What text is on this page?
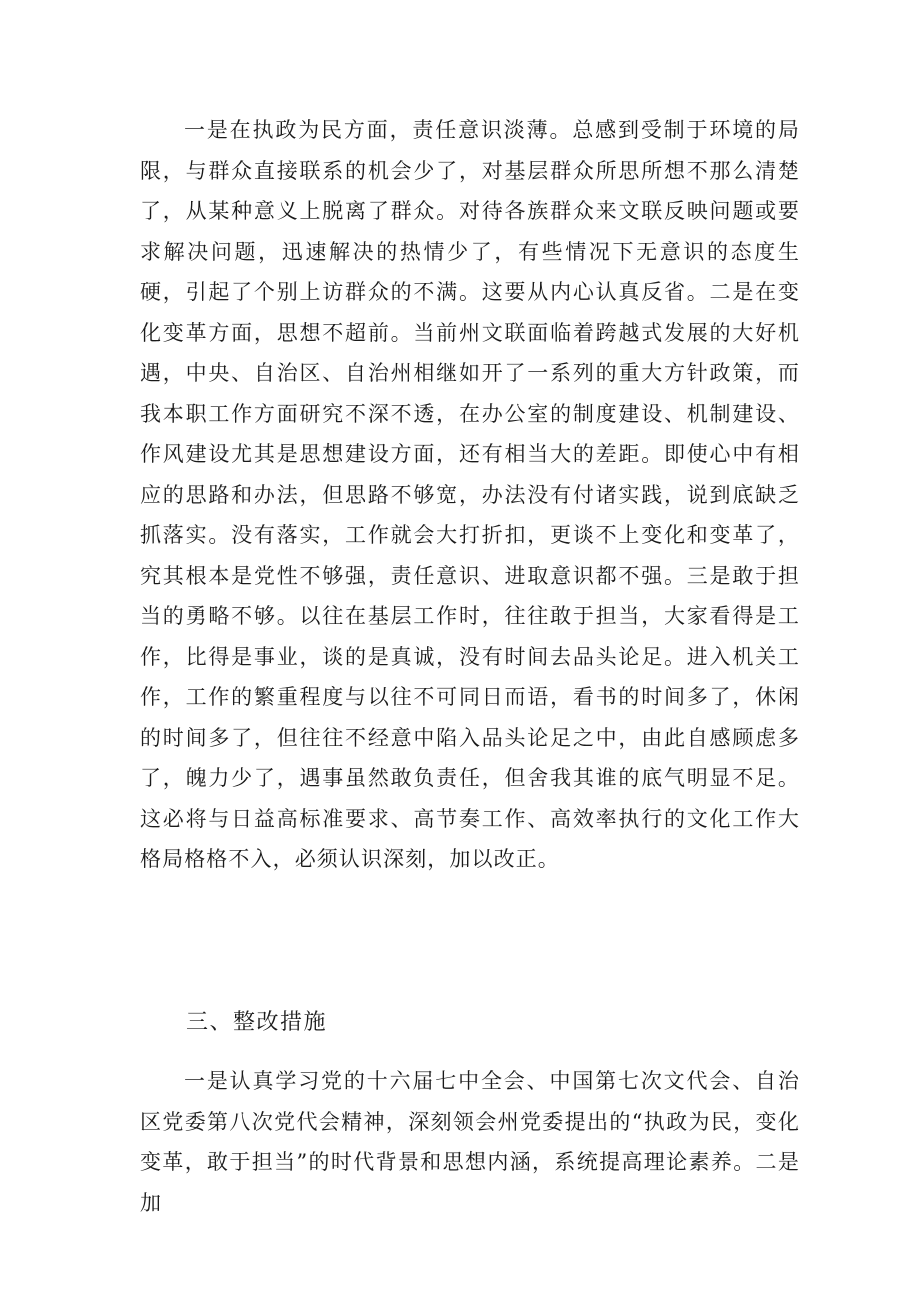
一是在执政为民方面，责任意识淡薄。总感到受制于环境的局限，与群众直接联系的机会少了，对基层群众所思所想不那么清楚了，从某种意义上脱离了群众。对待各族群众来文联反映问题或要求解决问题，迅速解决的热情少了，有些情况下无意识的态度生硬，引起了个别上访群众的不满。这要从内心认真反省。二是在变化变革方面，思想不超前。当前州文联面临着跨越式发展的大好机遇，中央、自治区、自治州相继如开了一系列的重大方针政策，而我本职工作方面研究不深不透，在办公室的制度建设、机制建设、作风建设尤其是思想建设方面，还有相当大的差距。即使心中有相应的思路和办法，但思路不够宽，办法没有付诸实践，说到底缺乏抓落实。没有落实，工作就会大打折扣，更谈不上变化和变革了，究其根本是党性不够强，责任意识、进取意识都不强。三是敢于担当的勇略不够。以往在基层工作时，往往敢于担当，大家看得是工作，比得是事业，谈的是真诚，没有时间去品头论足。进入机关工作，工作的繁重程度与以往不可同日而语，看书的时间多了，休闲的时间多了，但往往不经意中陷入品头论足之中，由此自感顾虑多了，魄力少了，遇事虽然敢负责任，但舍我其谁的底气明显不足。这必将与日益高标准要求、高节奏工作、高效率执行的文化工作大格局格格不入，必须认识深刻，加以改正。

三、整改措施

一是认真学习党的十六届七中全会、中国第七次文代会、自治区党委第八次党代会精神，深刻领会州党委提出的“执政为民，变化变革，敢于担当”的时代背景和思想内涵，系统提高理论素养。二是加
